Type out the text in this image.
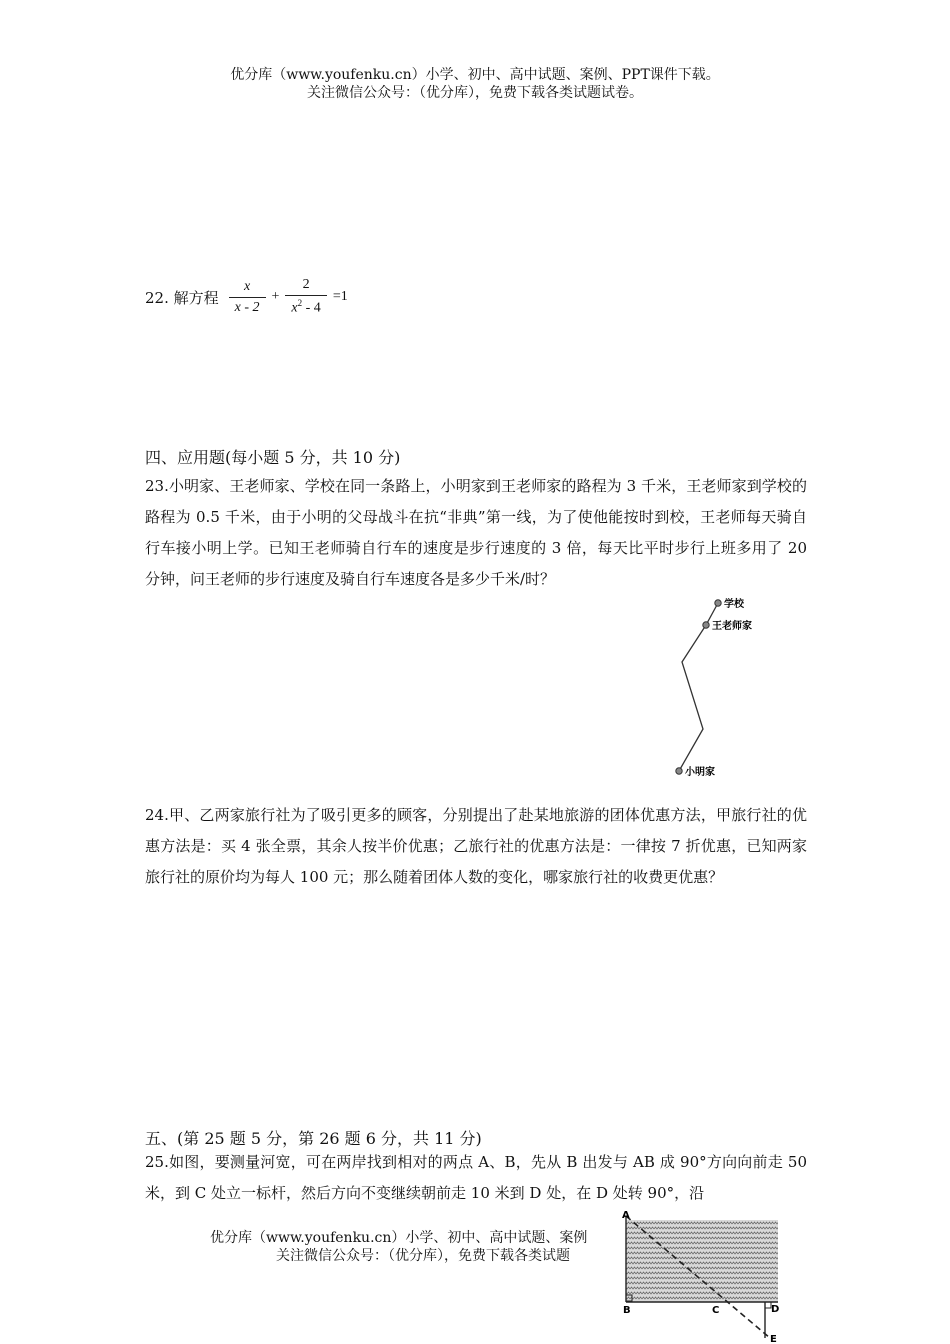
优分库（www.youfenku.cn）小学、初中、高中试题、案例、PPT课件下载。
关注微信公众号：（优分库），免费下载各类试题试卷。
22. 解方程 $\frac{x}{x - 2} + \frac{2}{x^2 - 4} =1$
四、应用题(每小题 5 分，共 10 分)
23.小明家、王老师家、学校在同一条路上，小明家到王老师家的路程为 3 千米，王老师家到学校的路程为 0.5 千米，由于小明的父母战斗在抗“非典”第一线，为了使他能按时到校，王老师每天骑自行车接小明上学。已知王老师骑自行车的速度是步行速度的 3 倍，每天比平时步行上班多用了 20 分钟，问王老师的步行速度及骑自行车速度各是多少千米/时？
学校
王老师家
小明家
24.甲、乙两家旅行社为了吸引更多的顾客，分别提出了赴某地旅游的团体优惠方法，甲旅行社的优惠方法是：买 4 张全票，其余人按半价优惠；乙旅行社的优惠方法是：一律按 7 折优惠，已知两家旅行社的原价均为每人 100 元；那么随着团体人数的变化，哪家旅行社的收费更优惠？
五、(第 25 题 5 分，第 26 题 6 分，共 11 分)
25.如图，要测量河宽，可在两岸找到相对的两点 A、B，先从 B 出发与 AB 成 90°方向向前走 50 米，到 C 处立一标杆，然后方向不变继续朝前走 10 米到 D 处，在 D 处转 90°，沿
优分库（www.youfenku.cn）小学、初中、高中试题、案例
关注微信公众号：（优分库），免费下载各类试题
A
B	C	D
E
